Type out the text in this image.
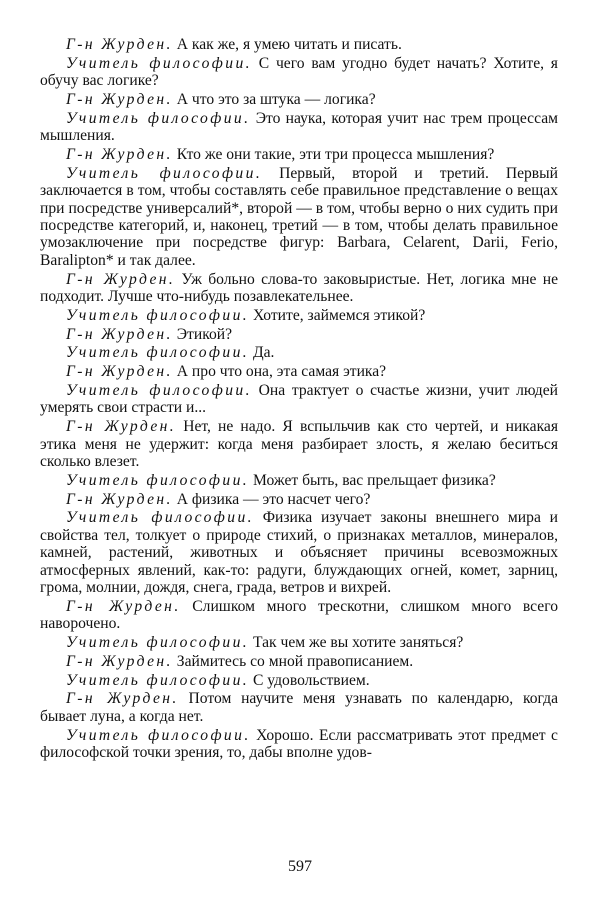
Г-н Журден. А как же, я умею читать и писать.

Учитель философии. С чего вам угодно будет начать? Хотите, я обучу вас логике?

Г-н Журден. А что это за штука — логика?

Учитель философии. Это наука, которая учит нас трем процессам мышления.

Г-н Журден. Кто же они такие, эти три процесса мышления?

Учитель философии. Первый, второй и третий. Первый заключается в том, чтобы составлять себе правильное представление о вещах при посредстве универсалий*, второй — в том, чтобы верно о них судить при посредстве категорий, и, наконец, третий — в том, чтобы делать правильное умозаключение при посредстве фигур: Barbara, Celarent, Darii, Ferio, Baralipton* и так далее.

Г-н Журден. Уж больно слова-то заковыристые. Нет, логика мне не подходит. Лучше что-нибудь позавлекательнее.

Учитель философии. Хотите, займемся этикой?

Г-н Журден. Этикой?

Учитель философии. Да.

Г-н Журден. А про что она, эта самая этика?

Учитель философии. Она трактует о счастье жизни, учит людей умерять свои страсти и...

Г-н Журден. Нет, не надо. Я вспыльчив как сто чертей, и никакая этика меня не удержит: когда меня разбирает злость, я желаю беситься сколько влезет.

Учитель философии. Может быть, вас прельщает физика?

Г-н Журден. А физика — это насчет чего?

Учитель философии. Физика изучает законы внешнего мира и свойства тел, толкует о природе стихий, о признаках металлов, минералов, камней, растений, животных и объясняет причины всевозможных атмосферных явлений, как-то: радуги, блуждающих огней, комет, зарниц, грома, молнии, дождя, снега, града, ветров и вихрей.

Г-н Журден. Слишком много трескотни, слишком много всего наворочено.

Учитель философии. Так чем же вы хотите заняться?

Г-н Журден. Займитесь со мной правописанием.

Учитель философии. С удовольствием.

Г-н Журден. Потом научите меня узнавать по календарю, когда бывает луна, а когда нет.

Учитель философии. Хорошо. Если рассматривать этот предмет с философской точки зрения, то, дабы вполне удов-

597
